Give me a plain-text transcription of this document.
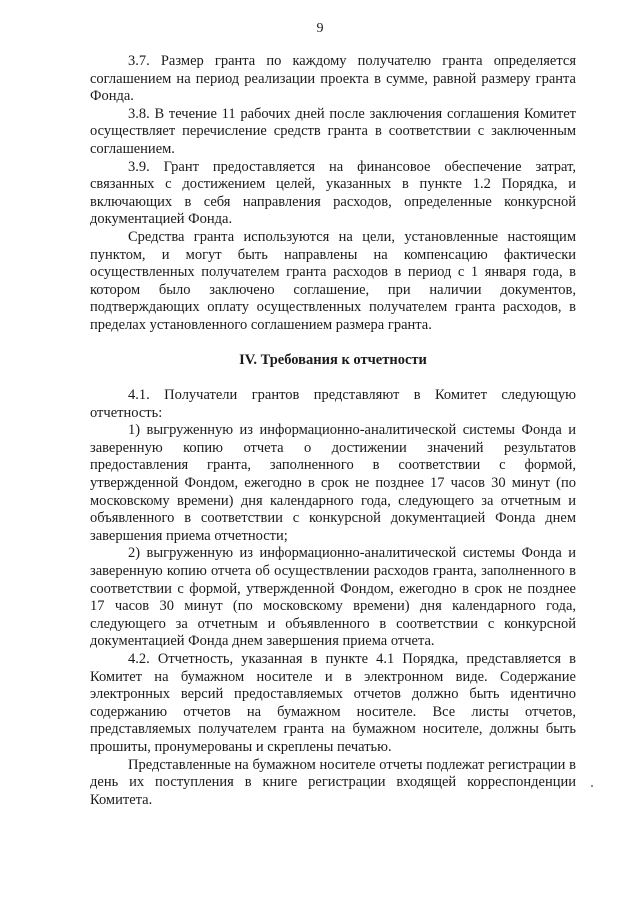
9

3.7. Размер гранта по каждому получателю гранта определяется соглашением на период реализации проекта в сумме, равной размеру гранта Фонда.

3.8. В течение 11 рабочих дней после заключения соглашения Комитет осуществляет перечисление средств гранта в соответствии с заключенным соглашением.

3.9. Грант предоставляется на финансовое обеспечение затрат, связанных с достижением целей, указанных в пункте 1.2 Порядка, и включающих в себя направления расходов, определенные конкурсной документацией Фонда.

Средства гранта используются на цели, установленные настоящим пунктом, и могут быть направлены на компенсацию фактически осуществленных получателем гранта расходов в период с 1 января года, в котором было заключено соглашение, при наличии документов, подтверждающих оплату осуществленных получателем гранта расходов, в пределах установленного соглашением размера гранта.

IV. Требования к отчетности

4.1. Получатели грантов представляют в Комитет следующую отчетность:

1) выгруженную из информационно-аналитической системы Фонда и заверенную копию отчета о достижении значений результатов предоставления гранта, заполненного в соответствии с формой, утвержденной Фондом, ежегодно в срок не позднее 17 часов 30 минут (по московскому времени) дня календарного года, следующего за отчетным и объявленного в соответствии с конкурсной документацией Фонда днем завершения приема отчетности;

2) выгруженную из информационно-аналитической системы Фонда и заверенную копию отчета об осуществлении расходов гранта, заполненного в соответствии с формой, утвержденной Фондом, ежегодно в срок не позднее 17 часов 30 минут (по московскому времени) дня календарного года, следующего за отчетным и объявленного в соответствии с конкурсной документацией Фонда днем завершения приема отчета.

4.2. Отчетность, указанная в пункте 4.1 Порядка, представляется в Комитет на бумажном носителе и в электронном виде. Содержание электронных версий предоставляемых отчетов должно быть идентично содержанию отчетов на бумажном носителе. Все листы отчетов, представляемых получателем гранта на бумажном носителе, должны быть прошиты, пронумерованы и скреплены печатью.

Представленные на бумажном носителе отчеты подлежат регистрации в день их поступления в книге регистрации входящей корреспонденции Комитета.
